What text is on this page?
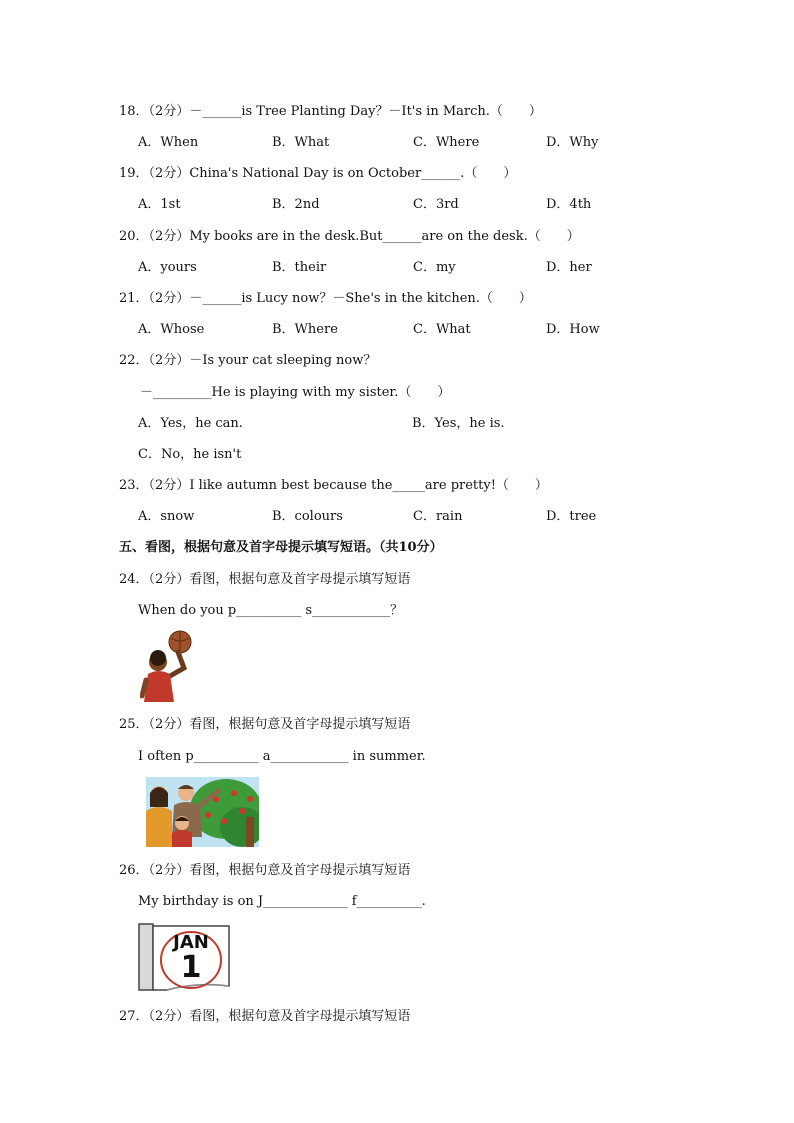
18．（2分）－______is Tree Planting Day？－It's in March.（　　）
A．When	B．What	C．Where	D．Why
19．（2分）China's National Day is on October______.（　　）
A．1st	B．2nd	C．3rd	D．4th
20．（2分）My books are in the desk.But______are on the desk.（　　）
A．yours	B．their	C．my	D．her
21．（2分）－______is Lucy now？－She's in the kitchen.（　　）
A．Whose	B．Where	C．What	D．How
22．（2分）－Is your cat sleeping now？
－_________He is playing with my sister.（　　）
A．Yes，he can.	B．Yes，he is.
C．No，he isn't
23．（2分）I like autumn best because the_____are pretty!（　　）
A．snow	B．colours	C．rain	D．tree
五、看图，根据句意及首字母提示填写短语。（共10分）
24．（2分）看图，根据句意及首字母提示填写短语
When do you p__________ s____________？
25．（2分）看图，根据句意及首字母提示填写短语
I often p__________ a____________ in summer.
26．（2分）看图，根据句意及首字母提示填写短语
My birthday is on J_____________ f__________.
JAN
1
27．（2分）看图，根据句意及首字母提示填写短语
